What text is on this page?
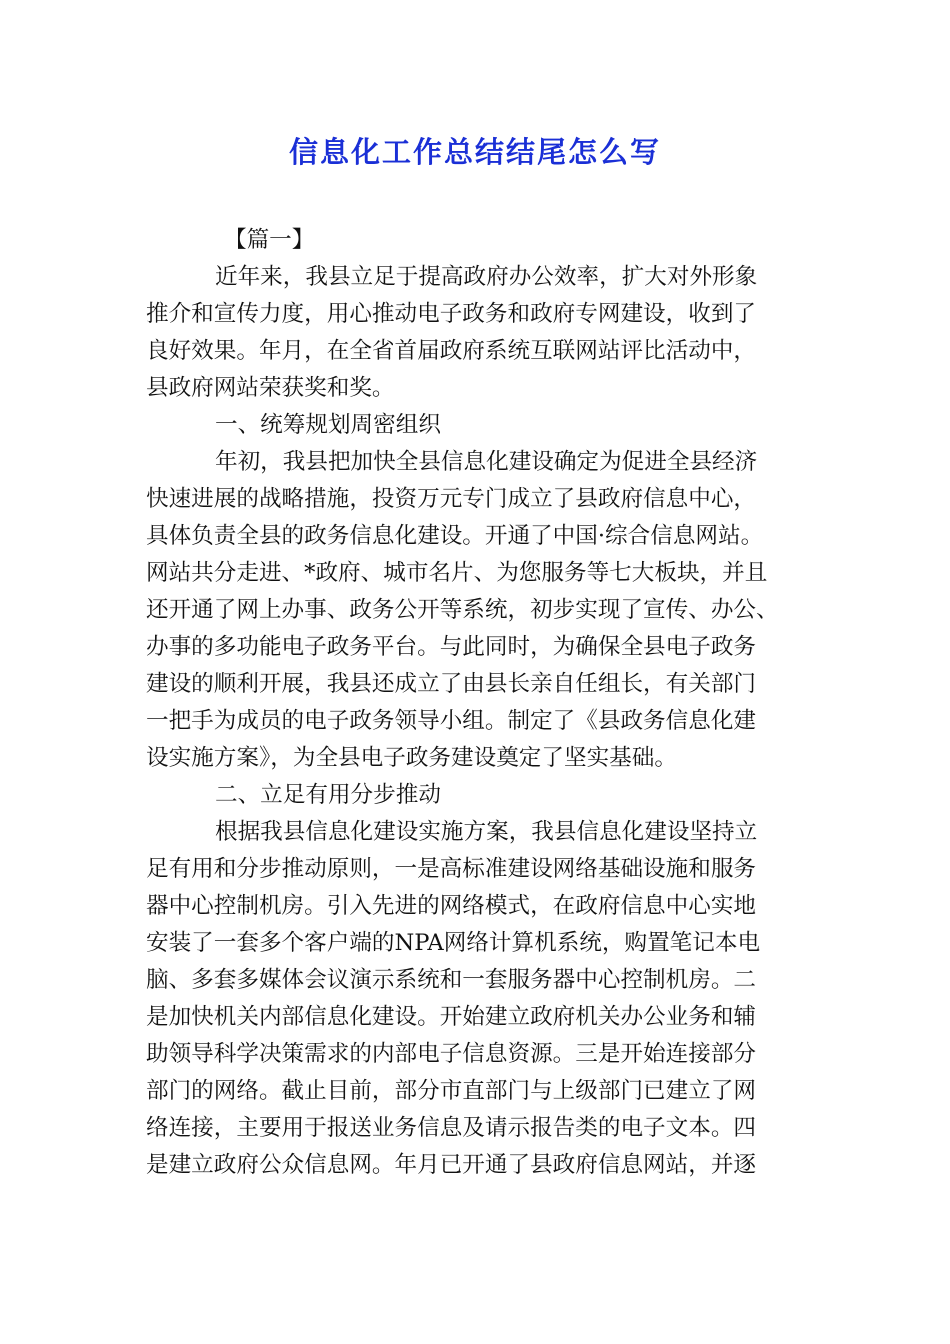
信息化工作总结结尾怎么写
【篇一】
近年来，我县立足于提高政府办公效率，扩大对外形象
推介和宣传力度，用心推动电子政务和政府专网建设，收到了
良好效果。年月，在全省首届政府系统互联网站评比活动中，
县政府网站荣获奖和奖。
一、统筹规划周密组织
年初，我县把加快全县信息化建设确定为促进全县经济
快速进展的战略措施，投资万元专门成立了县政府信息中心，
具体负责全县的政务信息化建设。开通了中国·综合信息网站。
网站共分走进、*政府、城市名片、为您服务等七大板块，并且
还开通了网上办事、政务公开等系统，初步实现了宣传、办公、
办事的多功能电子政务平台。与此同时，为确保全县电子政务
建设的顺利开展，我县还成立了由县长亲自任组长，有关部门
一把手为成员的电子政务领导小组。制定了《县政务信息化建
设实施方案》，为全县电子政务建设奠定了坚实基础。
二、立足有用分步推动
根据我县信息化建设实施方案，我县信息化建设坚持立
足有用和分步推动原则，一是高标准建设网络基础设施和服务
器中心控制机房。引入先进的网络模式，在政府信息中心实地
安装了一套多个客户端的NPA网络计算机系统，购置笔记本电
脑、多套多媒体会议演示系统和一套服务器中心控制机房。二
是加快机关内部信息化建设。开始建立政府机关办公业务和辅
助领导科学决策需求的内部电子信息资源。三是开始连接部分
部门的网络。截止目前，部分市直部门与上级部门已建立了网
络连接，主要用于报送业务信息及请示报告类的电子文本。四
是建立政府公众信息网。年月已开通了县政府信息网站，并逐
